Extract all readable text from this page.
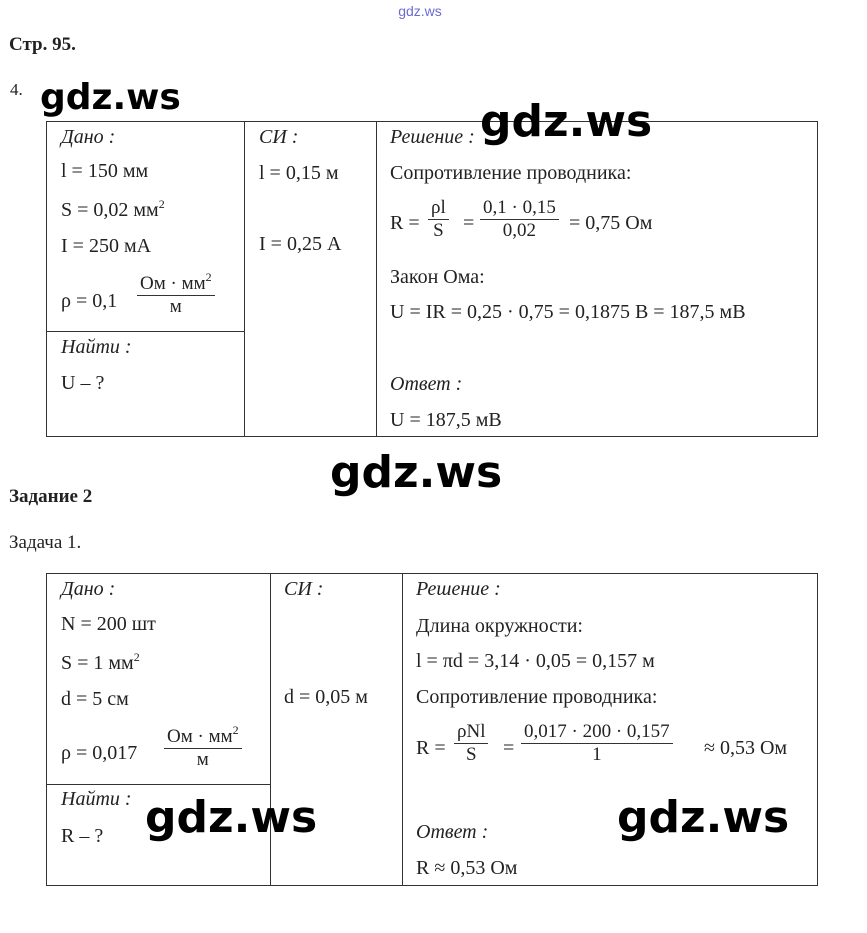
gdz.ws
Стр. 95.
4.
Дано :
l = 150 мм
S = 0,02 $мм^2$
I = 250 мА
ρ = 0,1
Ом · $мм^2$
м
Найти :
U – ?
СИ :
l = 0,15 м
I = 0,25 А
Решение :
Сопротивление проводника:
$R = \frac{\rho l}{S} = \frac{0,1 \cdot 0,15}{0,02} = 0,75$ Ом
Закон Ома:
U = IR = 0,25 · 0,75 = 0,1875 В = 187,5 мВ
Ответ :
U = 187,5 мВ
Задание 2
Задача 1.
Дано :
N = 200 шт
S = 1 $мм^2$
d = 5 см
ρ = 0,017
Ом · $мм^2$
м
Найти :
R – ?
СИ :
d = 0,05 м
Решение :
Длина окружности:
l = πd = 3,14 · 0,05 = 0,157 м
Сопротивление проводника:
R =
ρNl
S	= $\frac{0,017 \cdot 200 \cdot 0,157}{1} \approx 0,53$ Ом
Ответ :
R ≈ 0,53 Ом
gdz.ws	gdz.ws
gdz.ws
gdz.ws	gdz.ws
